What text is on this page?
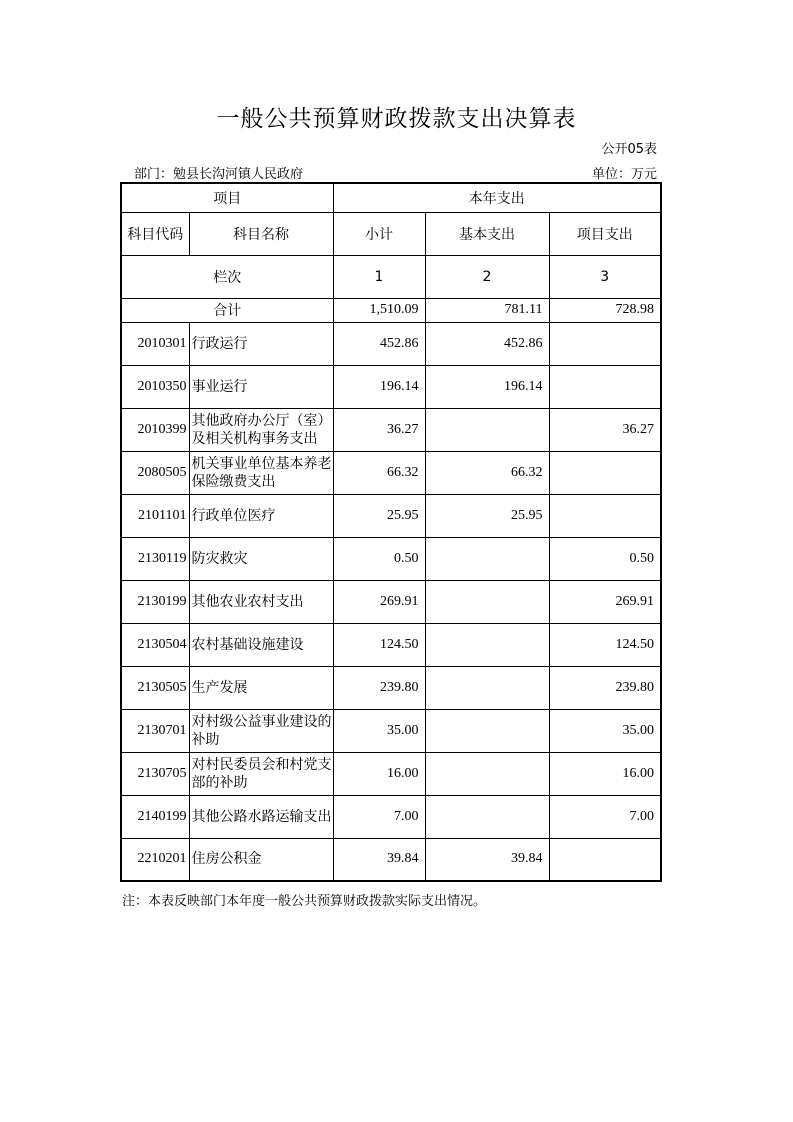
一般公共预算财政拨款支出决算表
公开05表
部门：勉县长沟河镇人民政府	单位：万元
项目		本年支出		
科目代码	科目名称	小计	基本支出	项目支出
栏次		1	2	3
合计		1,510.09	781.11	728.98
2010301	行政运行	452.86	452.86	
2010350	事业运行	196.14	196.14	
2010399	其他政府办公厅（室）及相关机构事务支出	36.27		36.27
2080505	机关事业单位基本养老保险缴费支出	66.32	66.32	
2101101	行政单位医疗	25.95	25.95	
2130119	防灾救灾	0.50		0.50
2130199	其他农业农村支出	269.91		269.91
2130504	农村基础设施建设	124.50		124.50
2130505	生产发展	239.80		239.80
2130701	对村级公益事业建设的补助	35.00		35.00
2130705	对村民委员会和村党支部的补助	16.00		16.00
2140199	其他公路水路运输支出	7.00		7.00
2210201	住房公积金	39.84	39.84	
注：本表反映部门本年度一般公共预算财政拨款实际支出情况。
